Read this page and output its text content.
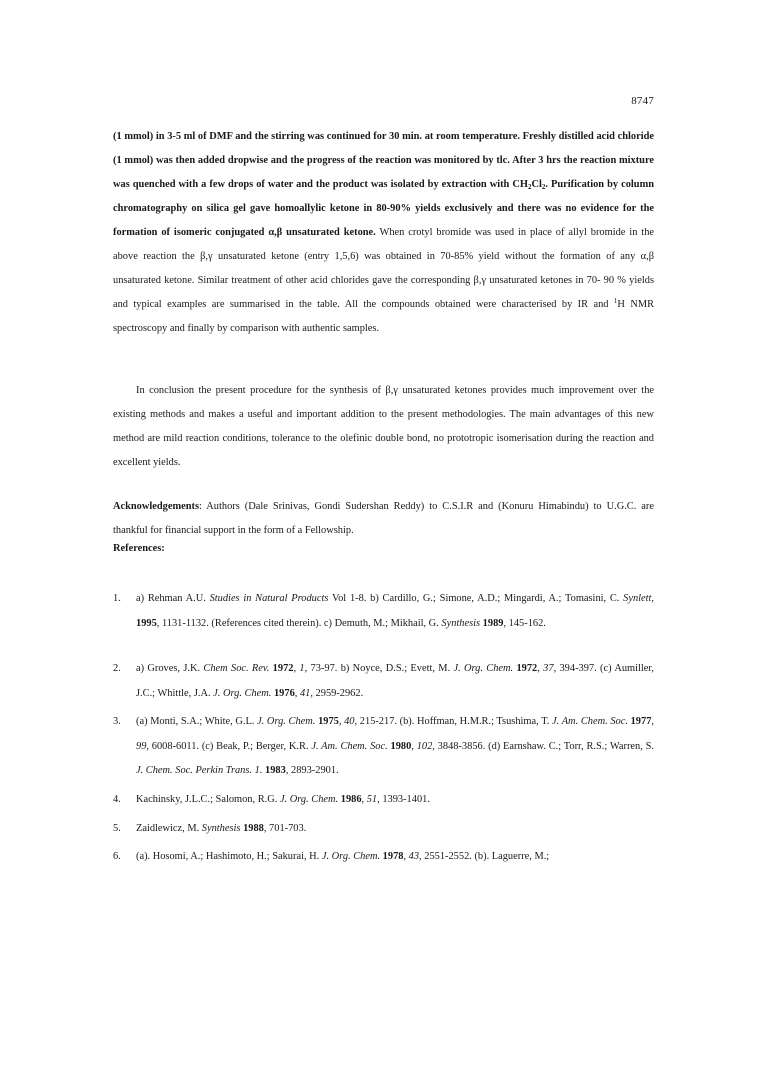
8747
(1 mmol) in 3-5 ml of DMF and the stirring was continued for 30 min. at room temperature. Freshly distilled acid chloride (1 mmol) was then added dropwise and the progress of the reaction was monitored by tlc. After 3 hrs the reaction mixture was quenched with a few drops of water and the product was isolated by extraction with $CH_2Cl_2$. Purification by column chromatography on silica gel gave homoallylic ketone in 80-90% yields exclusively and there was no evidence for the formation of isomeric conjugated α,β unsaturated ketone. When crotyl bromide was used in place of allyl bromide in the above reaction the β,γ unsaturated ketone (entry 1,5,6) was obtained in 70-85% yield without the formation of any α,β unsaturated ketone. Similar treatment of other acid chlorides gave the corresponding β,γ unsaturated ketones in 70- 90 % yields and typical examples are summarised in the table. All the compounds obtained were characterised by IR and $^1$H NMR spectroscopy and finally by comparison with authentic samples.
In conclusion the present procedure for the synthesis of β,γ unsaturated ketones provides much improvement over the existing methods and makes a useful and important addition to the present methodologies. The main advantages of this new method are mild reaction conditions, tolerance to the olefinic double bond, no prototropic isomerisation during the reaction and excellent yields.
Acknowledgements: Authors (Dale Srinivas, Gondi Sudershan Reddy) to C.S.I.R and (Konuru Himabindu) to U.G.C. are thankful for financial support in the form of a Fellowship.
References:
1. a) Rehman A.U. Studies in Natural Products Vol 1-8. b) Cardillo, G.; Simone, A.D.; Mingardi, A.; Tomasini, C. Synlett, 1995, 1131-1132. (References cited therein). c) Demuth, M.; Mikhail, G. Synthesis 1989, 145-162.
2. a) Groves, J.K. Chem Soc. Rev. 1972, 1, 73-97. b) Noyce, D.S.; Evett, M. J. Org. Chem. 1972, 37, 394-397. (c) Aumiller, J.C.; Whittle, J.A. J. Org. Chem. 1976, 41, 2959-2962.
3. (a) Monti, S.A.; White, G.L. J. Org. Chem. 1975, 40, 215-217. (b). Hoffman, H.M.R.; Tsushima, T. J. Am. Chem. Soc. 1977, 99, 6008-6011. (c) Beak, P.; Berger, K.R. J. Am. Chem. Soc. 1980, 102, 3848-3856. (d) Earnshaw. C.; Torr, R.S.; Warren, S. J. Chem. Soc. Perkin Trans. 1. 1983, 2893-2901.
4. Kachinsky, J.L.C.; Salomon, R.G. J. Org. Chem. 1986, 51, 1393-1401.
5. Zaidlewicz, M. Synthesis 1988, 701-703.
6. (a). Hosomi, A.; Hashimoto, H.; Sakurai, H. J. Org. Chem. 1978, 43, 2551-2552. (b). Laguerre, M.;
